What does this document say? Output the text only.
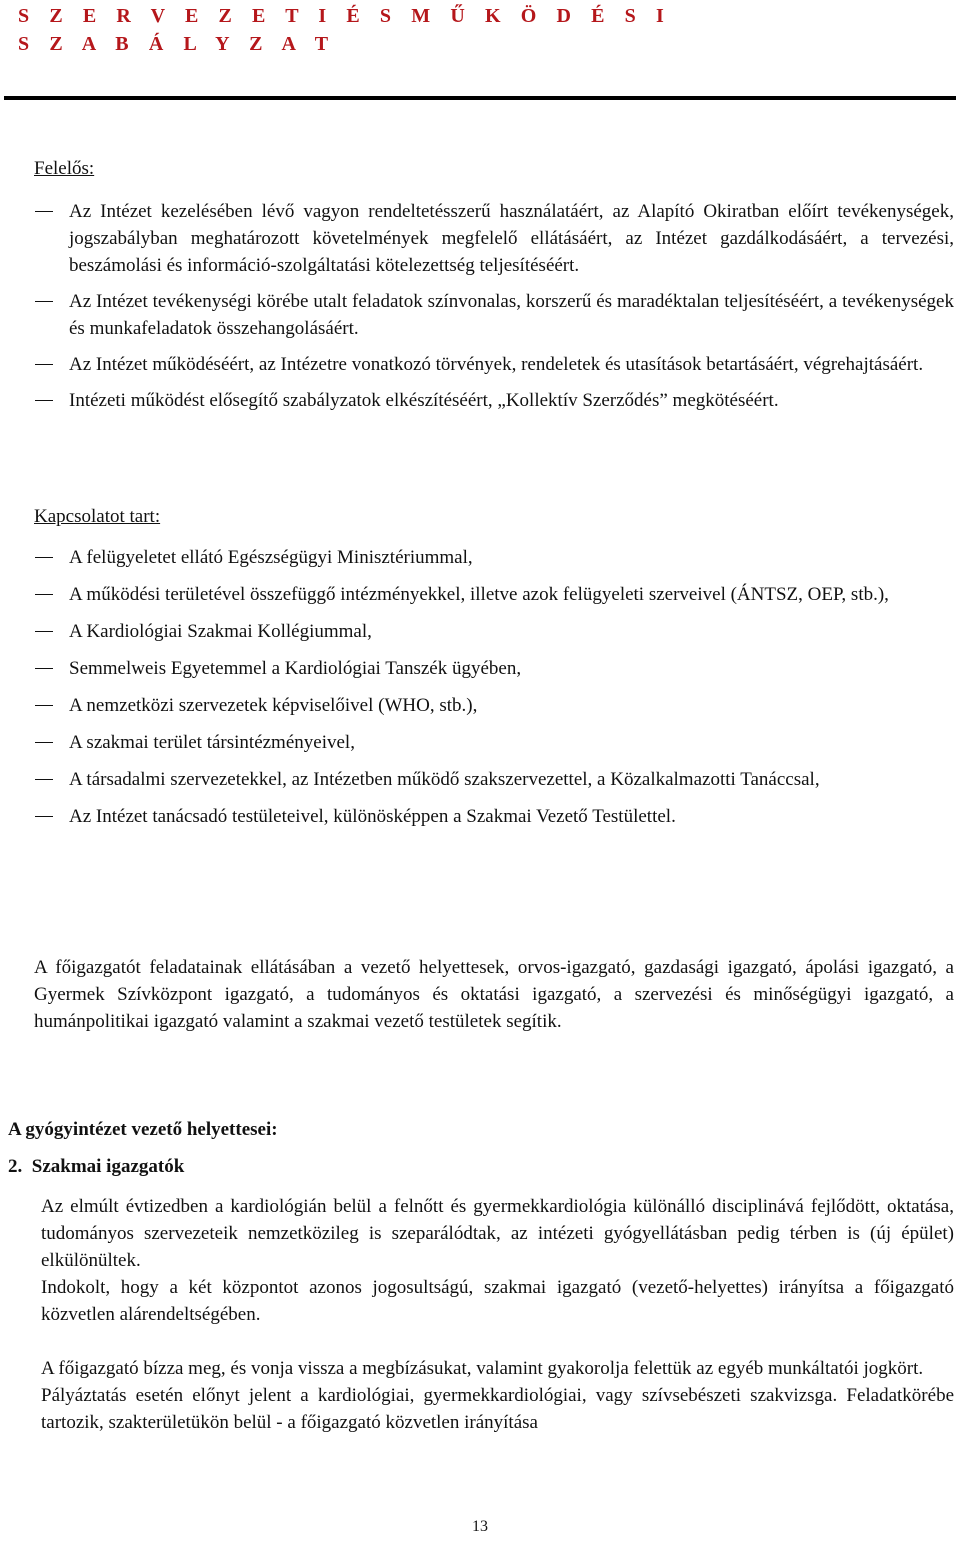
S Z E R V E Z E T I É S M Ű K Ö D É S I
S Z A B Á L Y Z A T
Felelős:
Az Intézet kezelésében lévő vagyon rendeltetésszerű használatáért, az Alapító Okiratban előírt tevékenységek, jogszabályban meghatározott követelmények megfelelő ellátásáért, az Intézet gazdálkodásáért, a tervezési, beszámolási és információ-szolgáltatási kötelezettség teljesítéséért.
Az Intézet tevékenységi körébe utalt feladatok színvonalas, korszerű és maradéktalan teljesítéséért, a tevékenységek és munkafeladatok összehangolásáért.
Az Intézet működéséért, az Intézetre vonatkozó törvények, rendeletek és utasítások betartásáért, végrehajtásáért.
Intézeti működést elősegítő szabályzatok elkészítéséért, „Kollektív Szerződés” megkötéséért.
Kapcsolatot tart:
A felügyeletet ellátó Egészségügyi Minisztériummal,
A működési területével összefüggő intézményekkel, illetve azok felügyeleti szerveivel (ÁNTSZ, OEP, stb.),
A Kardiológiai Szakmai Kollégiummal,
Semmelweis Egyetemmel a Kardiológiai Tanszék ügyében,
A nemzetközi szervezetek képviselőivel (WHO, stb.),
A szakmai terület társintézményeivel,
A társadalmi szervezetekkel, az Intézetben működő szakszervezettel, a Közalkalmazotti Tanáccsal,
Az Intézet tanácsadó testületeivel, különösképpen a Szakmai Vezető Testülettel.

A főigazgatót feladatainak ellátásában a vezető helyettesek, orvos-igazgató, gazdasági igazgató, ápolási igazgató, a Gyermek Szívközpont igazgató, a tudományos és oktatási igazgató, a szervezési és minőségügyi igazgató, a humánpolitikai igazgató valamint a szakmai vezető testületek segítik.

A gyógyintézet vezető helyettesei:

2.  Szakmai igazgatók

Az elmúlt évtizedben a kardiológián belül a felnőtt és gyermekkardiológia különálló disciplinává fejlődött, oktatása, tudományos szervezeteik nemzetközileg is szeparálódtak, az intézeti gyógyellátásban pedig térben is (új épület) elkülönültek.

Indokolt, hogy a két központot azonos jogosultságú, szakmai igazgató (vezető-helyettes) irányítsa a főigazgató közvetlen alárendeltségében.

A főigazgató bízza meg, és vonja vissza a megbízásukat, valamint gyakorolja felettük az egyéb munkáltatói jogkört.

Pályáztatás esetén előnyt jelent a kardiológiai, gyermekkardiológiai, vagy szívsebészeti szakvizsga. Feladatkörébe tartozik, szakterületükön belül - a főigazgató közvetlen irányítása

13
